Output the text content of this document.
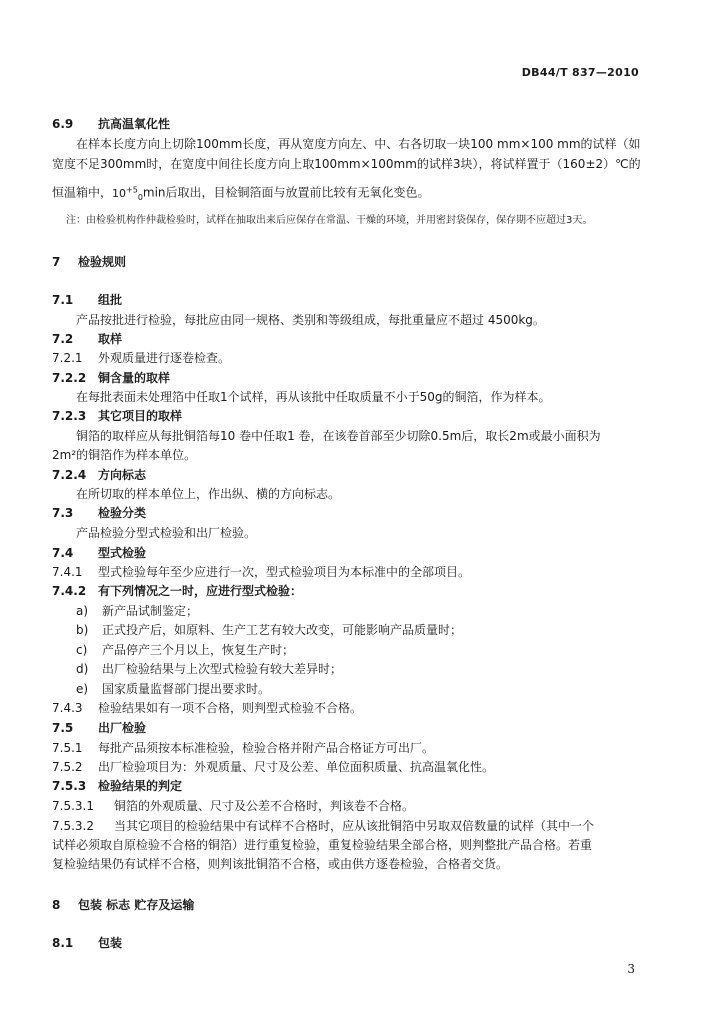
DB44/T 837—2010
6.9 抗高温氧化性
在样本长度方向上切除100mm长度，再从宽度方向左、中、右各切取一块100 mm×100 mm的试样（如
宽度不足300mm时，在宽度中间往长度方向上取100mm×100mm的试样3块），将试样置于（160±2）℃的
恒温箱中，$10^{+5}_0\min$后取出，目检铜箔面与放置前比较有无氧化变色。
注：由检验机构作仲裁检验时，试样在抽取出来后应保存在常温、干燥的环境，并用密封袋保存，保存期不应超过3天。
7 检验规则
7.1 组批
产品按批进行检验，每批应由同一规格、类别和等级组成，每批重量应不超过 4500kg。
7.2 取样
7.2.1 外观质量进行逐卷检查。
7.2.2 铜含量的取样
在每批表面未处理箔中任取1个试样，再从该批中任取质量不小于50g的铜箔，作为样本。
7.2.3 其它项目的取样
铜箔的取样应从每批铜箔每10 卷中任取1 卷，在该卷首部至少切除0.5m后，取长2m或最小面积为
2m²的铜箔作为样本单位。
7.2.4 方向标志
在所切取的样本单位上，作出纵、横的方向标志。
7.3 检验分类
产品检验分型式检验和出厂检验。
7.4 型式检验
7.4.1 型式检验每年至少应进行一次，型式检验项目为本标准中的全部项目。
7.4.2 有下列情况之一时，应进行型式检验：
a) 新产品试制鉴定；
b) 正式投产后，如原料、生产工艺有较大改变，可能影响产品质量时；
c) 产品停产三个月以上，恢复生产时；
d) 出厂检验结果与上次型式检验有较大差异时；
e) 国家质量监督部门提出要求时。
7.4.3 检验结果如有一项不合格，则判型式检验不合格。
7.5 出厂检验
7.5.1 每批产品须按本标准检验，检验合格并附产品合格证方可出厂。
7.5.2 出厂检验项目为：外观质量、尺寸及公差、单位面积质量、抗高温氧化性。
7.5.3 检验结果的判定
7.5.3.1 铜箔的外观质量、尺寸及公差不合格时，判该卷不合格。
7.5.3.2 当其它项目的检验结果中有试样不合格时，应从该批铜箔中另取双倍数量的试样（其中一个
试样必须取自原检验不合格的铜箔）进行重复检验，重复检验结果全部合格，则判整批产品合格。若重
复检验结果仍有试样不合格，则判该批铜箔不合格，或由供方逐卷检验，合格者交货。
8 包装 标志 贮存及运输
8.1 包装
3
